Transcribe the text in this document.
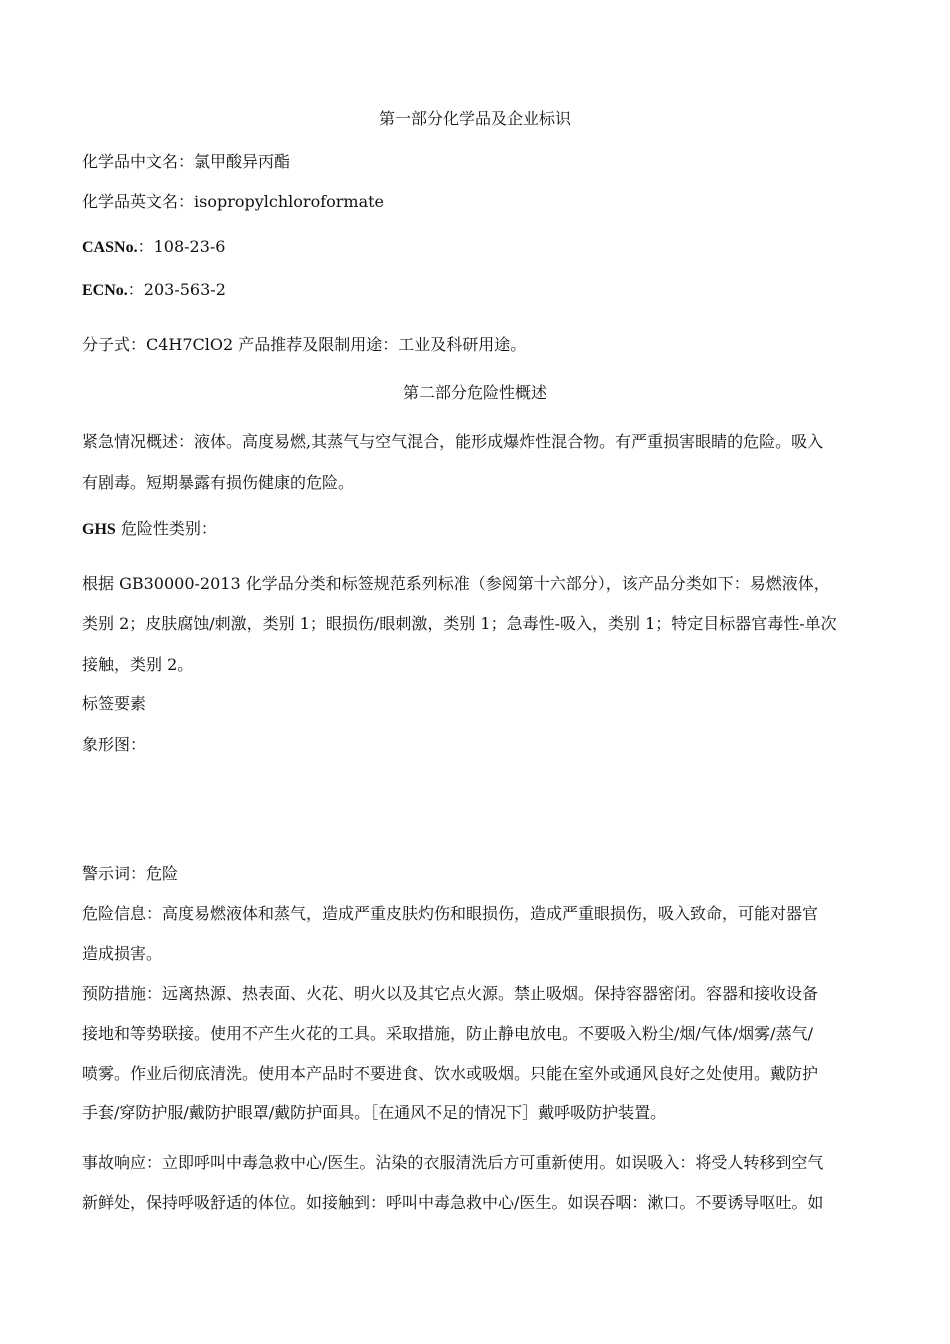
第一部分化学品及企业标识
化学品中文名：氯甲酸异丙酯
化学品英文名：isopropylchloroformate
CASNo.：108-23-6
ECNo.：203-563-2
分子式：C4H7ClO2 产品推荐及限制用途：工业及科研用途。
第二部分危险性概述
紧急情况概述：液体。高度易燃,其蒸气与空气混合，能形成爆炸性混合物。有严重损害眼睛的危险。吸入
有剧毒。短期暴露有损伤健康的危险。
GHS 危险性类别：
根据 GB30000-2013 化学品分类和标签规范系列标准（参阅第十六部分），该产品分类如下：易燃液体，
类别 2；皮肤腐蚀/刺激，类别 1；眼损伤/眼刺激，类别 1；急毒性-吸入，类别 1；特定目标器官毒性-单次
接触，类别 2。
标签要素
象形图：
警示词：危险
危险信息：高度易燃液体和蒸气，造成严重皮肤灼伤和眼损伤，造成严重眼损伤，吸入致命，可能对器官
造成损害。
预防措施：远离热源、热表面、火花、明火以及其它点火源。禁止吸烟。保持容器密闭。容器和接收设备
接地和等势联接。使用不产生火花的工具。采取措施，防止静电放电。不要吸入粉尘/烟/气体/烟雾/蒸气/
喷雾。作业后彻底清洗。使用本产品时不要进食、饮水或吸烟。只能在室外或通风良好之处使用。戴防护
手套/穿防护服/戴防护眼罩/戴防护面具。［在通风不足的情况下］戴呼吸防护装置。
事故响应：立即呼叫中毒急救中心/医生。沾染的衣服清洗后方可重新使用。如误吸入：将受人转移到空气
新鲜处，保持呼吸舒适的体位。如接触到：呼叫中毒急救中心/医生。如误吞咽：漱口。不要诱导呕吐。如
